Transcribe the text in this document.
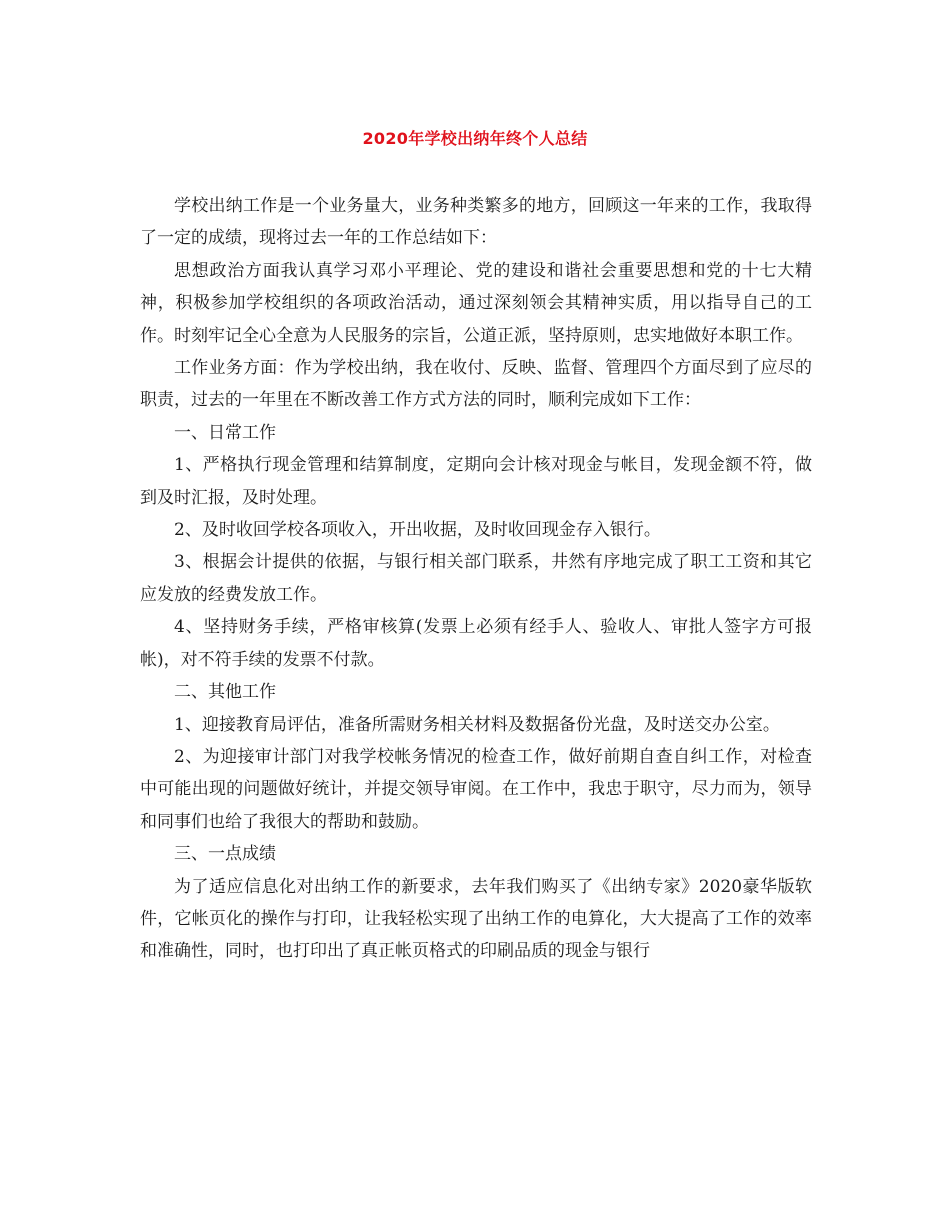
2020年学校出纳年终个人总结

学校出纳工作是一个业务量大，业务种类繁多的地方，回顾这一年来的工作，我取得了一定的成绩，现将过去一年的工作总结如下：

思想政治方面我认真学习邓小平理论、党的建设和谐社会重要思想和党的十七大精神，积极参加学校组织的各项政治活动，通过深刻领会其精神实质，用以指导自己的工作。时刻牢记全心全意为人民服务的宗旨，公道正派，坚持原则，忠实地做好本职工作。

工作业务方面：作为学校出纳，我在收付、反映、监督、管理四个方面尽到了应尽的职责，过去的一年里在不断改善工作方式方法的同时，顺利完成如下工作：

一、日常工作

1、严格执行现金管理和结算制度，定期向会计核对现金与帐目，发现金额不符，做到及时汇报，及时处理。

2、及时收回学校各项收入，开出收据，及时收回现金存入银行。

3、根据会计提供的依据，与银行相关部门联系，井然有序地完成了职工工资和其它应发放的经费发放工作。

4、坚持财务手续，严格审核算(发票上必须有经手人、验收人、审批人签字方可报帐)，对不符手续的发票不付款。

二、其他工作

1、迎接教育局评估，准备所需财务相关材料及数据备份光盘，及时送交办公室。

2、为迎接审计部门对我学校帐务情况的检查工作，做好前期自查自纠工作，对检查中可能出现的问题做好统计，并提交领导审阅。在工作中，我忠于职守，尽力而为，领导和同事们也给了我很大的帮助和鼓励。

三、一点成绩

为了适应信息化对出纳工作的新要求，去年我们购买了《出纳专家》2020豪华版软件，它帐页化的操作与打印，让我轻松实现了出纳工作的电算化，大大提高了工作的效率和准确性，同时，也打印出了真正帐页格式的印刷品质的现金与银行
